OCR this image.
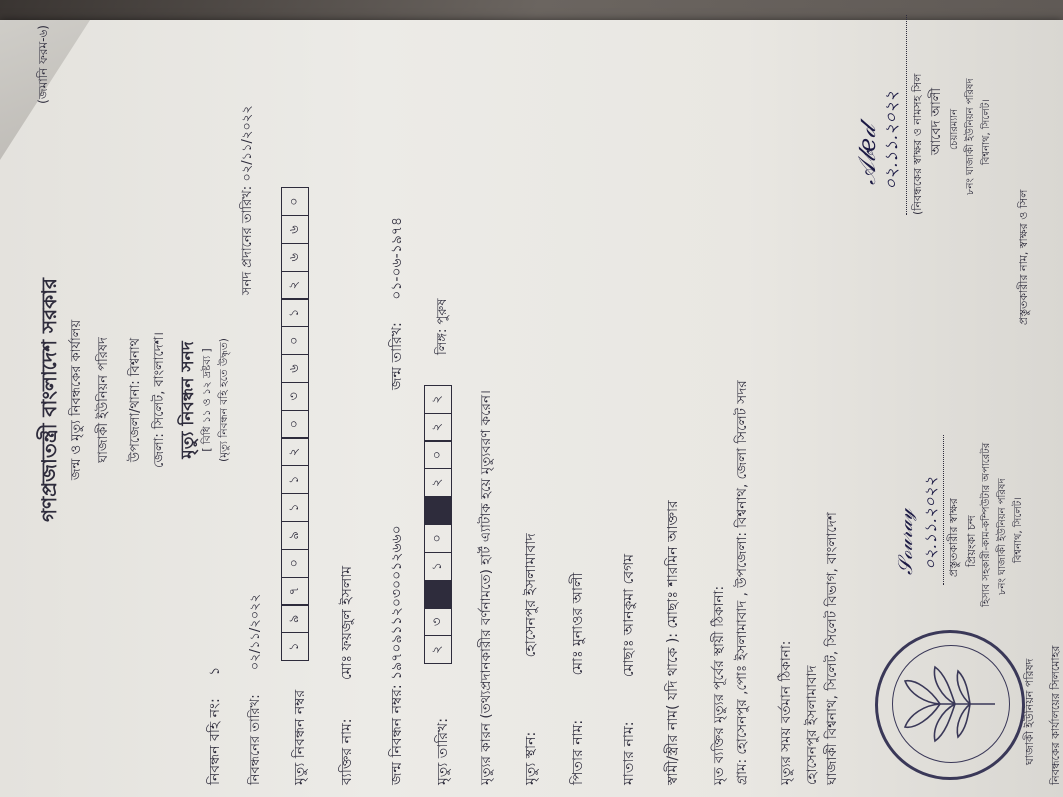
(জমানি ফরম-৬)
গণপ্রজাতন্ত্রী বাংলাদেশ সরকার জন্ম ও মৃত্যু নিবন্ধকের কার্যালয় ঘাজাকী ইউনিয়ন পরিষদ	উপজেলা/থানা: বিশ্বনাথ জেলা: সিলেট, বাংলাদেশ। মৃত্যু নিবন্ধন সনদ [ বিধি ১১ ও ১২ দ্রষ্টব্য ] (মৃত্যু নিবন্ধন বহি হতে উদ্ধৃত)
নিবন্ধন বহি নং: ১
সনদ প্রদানের তারিখ: ০২/১১/২০২২
নিবন্ধনের তারিখ: ০২/১১/২০২২
মৃত্যু নিবন্ধন নম্বর
১
৯
৭
০
৯
১
১
২
০
৩
৬
০
১
২
৬
৬
০
ব্যক্তির নাম: মোঃ ফয়জুল ইসলাম
জন্ম নিবন্ধন নম্বর: ১৯৭০৯১১২০৩০০১২৬৬০
জন্ম তারিখ: ০১-০৬-১৯৭৪
মৃত্যু তারিখ:
২
৩
১
০
২
০
২
২
লিঙ্গ: পুরুষ
মৃত্যুর কারন (তথ্যপ্রদানকারীর বর্ণনামতে) হার্ট এ্যাটাক হয়ে মৃত্যুবরণ করেন। মৃত্যু স্থান: হোসেনপুর ইসলামাবাদ
পিতার নাম: মোঃ মুনাওর আলী
মাতার নাম: মোছাঃ আনকুমা বেগম
স্বামী/স্ত্রীর নাম( যদি থাকে ): মোছাঃ শারমিন আক্তার
মৃত ব্যক্তির মৃত্যুর পূর্বের স্থায়ী ঠিকানা: গ্রাম: হোসেনপুর ,পোঃ ইসলামাবাদ , উপজেলা: বিশ্বনাথ, জেলা সিলেট সদর মৃত্যুর সময় বর্তমান ঠিকানা: হোসেনপুর ইসলামাবাদ ঘাজাকী বিশ্বনাথ, সিলেট, সিলেট বিভাগ, বাংলাদেশ	ঘাজাকী ইউনিয়ন পরিষদ
𝒮ℴ𝓊𝓇𝒶𝓎 ০২.১১.২০২২ প্রস্তুতকারীর স্বাক্ষর প্রিয়ংকা চন্দ হিসাব সহকারী-কাম-কম্পিউটার অপারেটর ৮নং ঘাজাকী ইউনিয়ন পরিষদ বিশ্বনাথ, সিলেট।
নিবন্ধকের কার্যালয়ের সিলমোহর
𝒜𝒷𝑒𝒹 ০২.১১.২০২২ (নিবন্ধকের স্বাক্ষর ও নামসহ সিল আবেদ আলী চেয়ারম্যান ৮নং ঘাজাকী ইউনিয়ন পরিষদ বিশ্বনাথ, সিলেট।
প্রস্তুতকারীর নাম, স্বাক্ষর ও সিল
